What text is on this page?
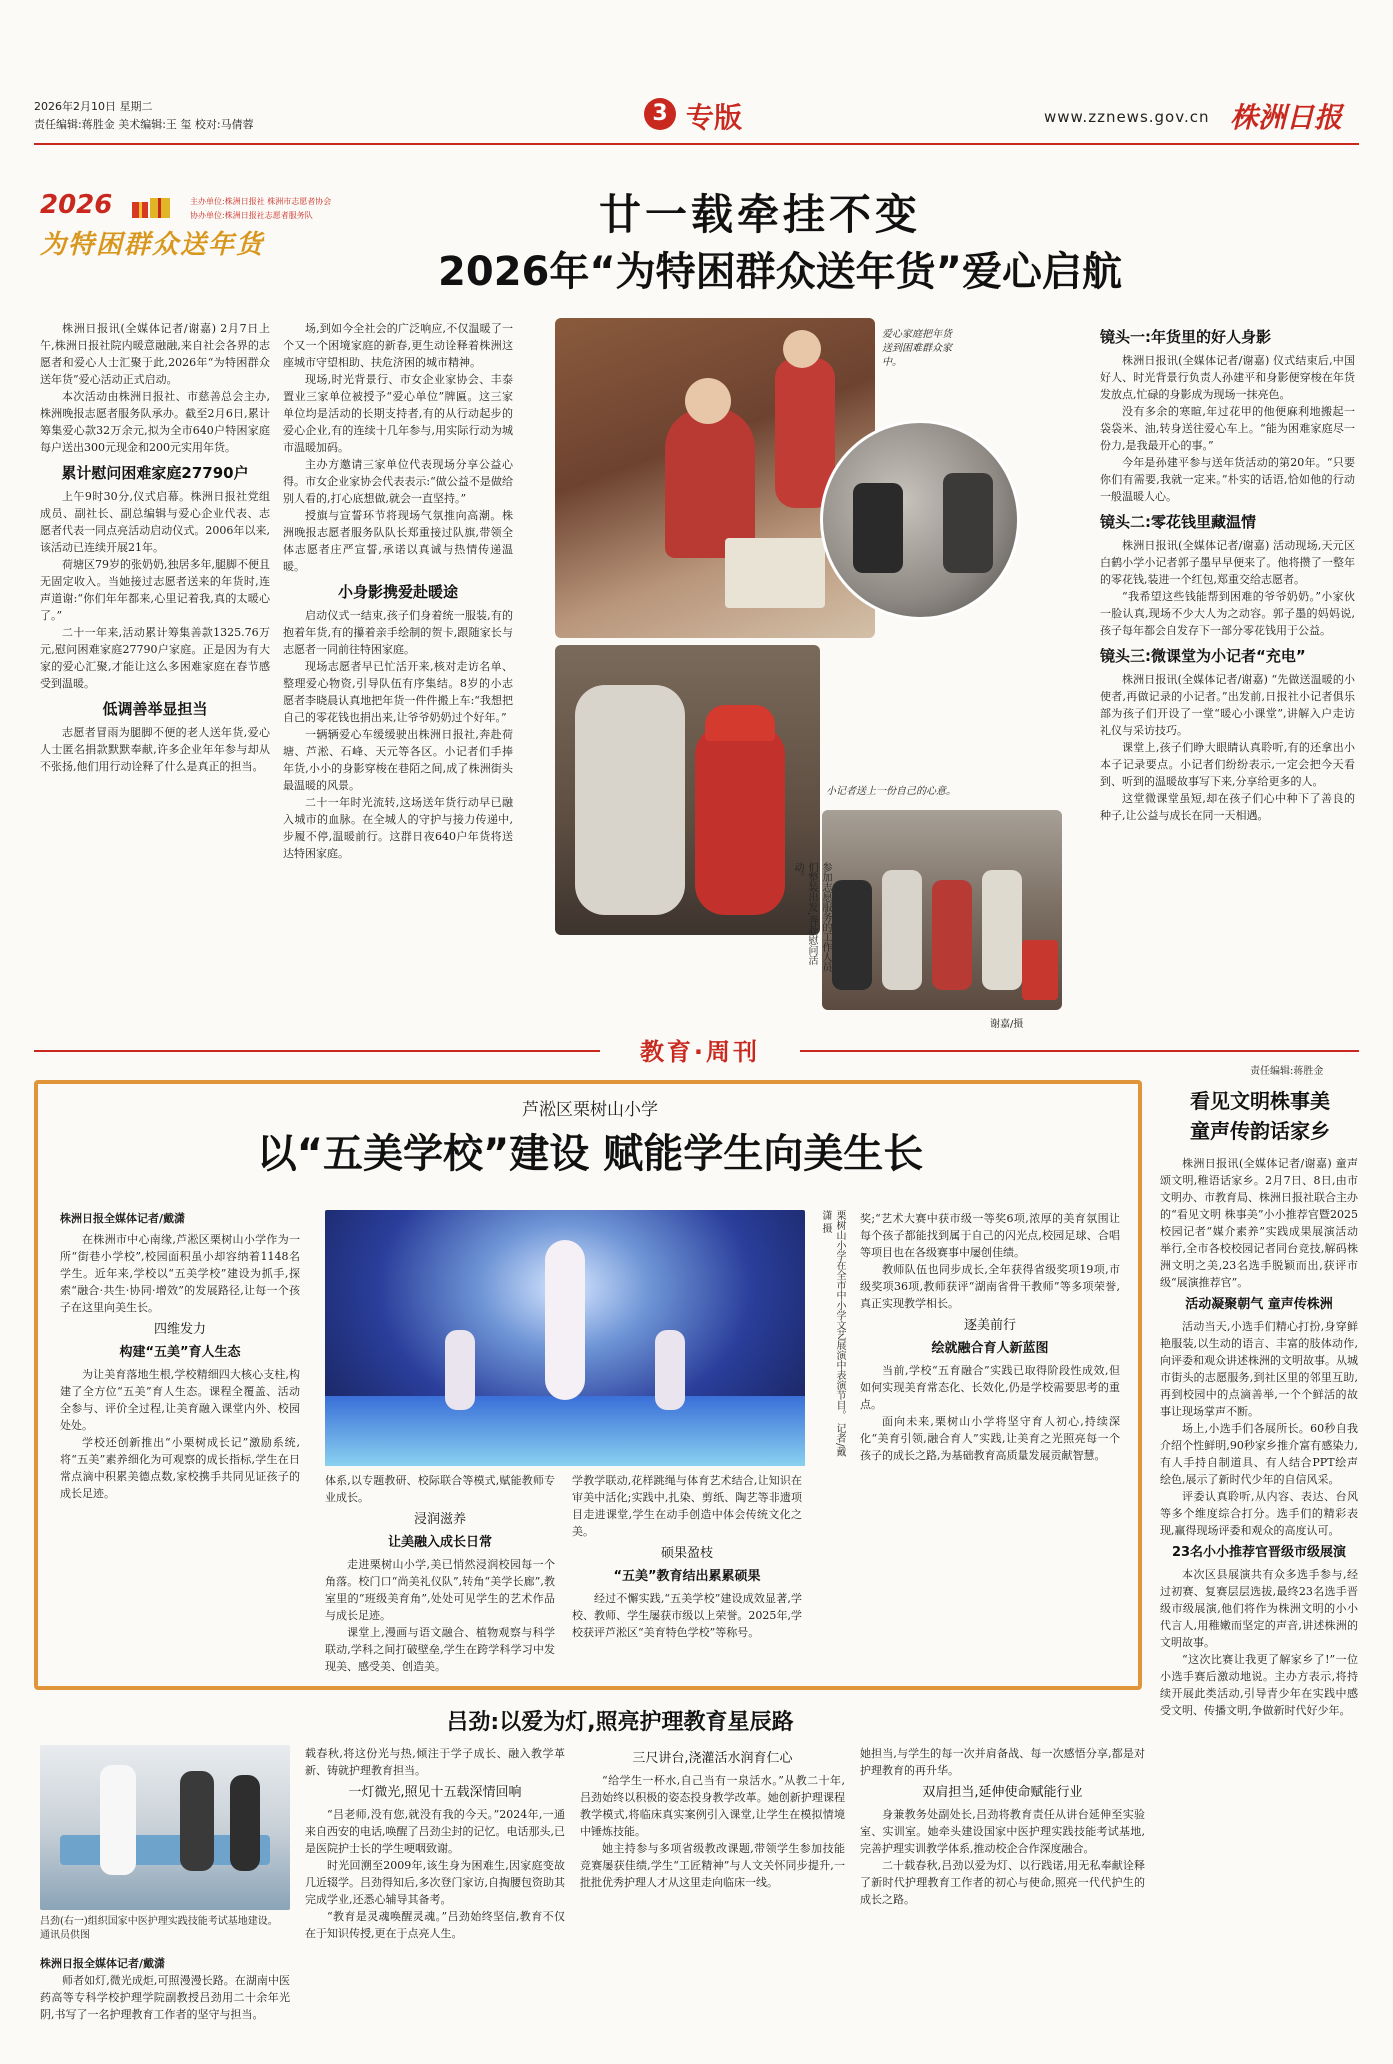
2026年2月10日 星期二
责任编辑:蒋胜金 美术编辑:王 玺 校对:马倩蓉	3 专版	www.zznews.gov.cn 株洲日报
2026	主办单位:株洲日报社 株洲市志愿者协会
协办单位:株洲日报社志愿者服务队
为特困群众送年货
廿一载牵挂不变
2026年“为特困群众送年货”爱心启航

株洲日报讯(全媒体记者/谢嘉) 2月7日上午,株洲日报社院内暖意融融,来自社会各界的志愿者和爱心人士汇聚于此,2026年“为特困群众送年货”爱心活动正式启动。

本次活动由株洲日报社、市慈善总会主办,株洲晚报志愿者服务队承办。截至2月6日,累计筹集爱心款32万余元,拟为全市640户特困家庭每户送出300元现金和200元实用年货。

累计慰问困难家庭27790户

上午9时30分,仪式启幕。株洲日报社党组成员、副社长、副总编辑与爱心企业代表、志愿者代表一同点亮活动启动仪式。2006年以来,该活动已连续开展21年。

荷塘区79岁的张奶奶,独居多年,腿脚不便且无固定收入。当她接过志愿者送来的年货时,连声道谢:“你们年年都来,心里记着我,真的太暖心了。”

二十一年来,活动累计筹集善款1325.76万元,慰问困难家庭27790户家庭。正是因为有大家的爱心汇聚,才能让这么多困难家庭在春节感受到温暖。

低调善举显担当

志愿者冒雨为腿脚不便的老人送年货,爱心人士匿名捐款默默奉献,许多企业年年参与却从不张扬,他们用行动诠释了什么是真正的担当。

场,到如今全社会的广泛响应,不仅温暖了一个又一个困境家庭的新春,更生动诠释着株洲这座城市守望相助、扶危济困的城市精神。

现场,时光背景行、市女企业家协会、丰泰置业三家单位被授予“爱心单位”牌匾。这三家单位均是活动的长期支持者,有的从行动起步的爱心企业,有的连续十几年参与,用实际行动为城市温暖加码。

主办方邀请三家单位代表现场分享公益心得。市女企业家协会代表表示:“做公益不是做给别人看的,打心底想做,就会一直坚持。”

授旗与宣誓环节将现场气氛推向高潮。株洲晚报志愿者服务队队长郑重接过队旗,带领全体志愿者庄严宣誓,承诺以真诚与热情传递温暖。

小身影携爱赴暖途

启动仪式一结束,孩子们身着统一服装,有的抱着年货,有的攥着亲手绘制的贺卡,跟随家长与志愿者一同前往特困家庭。

现场志愿者早已忙活开来,核对走访名单、整理爱心物资,引导队伍有序集结。8岁的小志愿者李晓晨认真地把年货一件件搬上车:“我想把自己的零花钱也捐出来,让爷爷奶奶过个好年。”

一辆辆爱心车缓缓驶出株洲日报社,奔赴荷塘、芦淞、石峰、天元等各区。小记者们手捧年货,小小的身影穿梭在巷陌之间,成了株洲街头最温暖的风景。

二十一年时光流转,这场送年货行动早已融入城市的血脉。在全城人的守护与接力传递中,步履不停,温暖前行。这群日夜640户年货将送达特困家庭。

爱心家庭把年货送到困难群众家中。
小记者送上一份自己的心意。
参加志愿服务的工作人员们整装出发,奔赴慰问活动。
谢嘉/摄
镜头一:年货里的好人身影

株洲日报讯(全媒体记者/谢嘉) 仪式结束后,中国好人、时光背景行负责人孙建平和身影便穿梭在年货发放点,忙碌的身影成为现场一抹亮色。

没有多余的寒暄,年过花甲的他便麻利地搬起一袋袋米、油,转身送往爱心车上。“能为困难家庭尽一份力,是我最开心的事。”

今年是孙建平参与送年货活动的第20年。“只要你们有需要,我就一定来。”朴实的话语,恰如他的行动一般温暖人心。

镜头二:零花钱里藏温情

株洲日报讯(全媒体记者/谢嘉) 活动现场,天元区白鹤小学小记者郭子墨早早便来了。他将攒了一整年的零花钱,装进一个红包,郑重交给志愿者。

“我希望这些钱能帮到困难的爷爷奶奶。”小家伙一脸认真,现场不少大人为之动容。郭子墨的妈妈说,孩子每年都会自发存下一部分零花钱用于公益。

镜头三:微课堂为小记者“充电”

株洲日报讯(全媒体记者/谢嘉) “先做送温暖的小使者,再做记录的小记者。”出发前,日报社小记者俱乐部为孩子们开设了一堂“暖心小课堂”,讲解入户走访礼仪与采访技巧。

课堂上,孩子们睁大眼睛认真聆听,有的还拿出小本子记录要点。小记者们纷纷表示,一定会把今天看到、听到的温暖故事写下来,分享给更多的人。

这堂微课堂虽短,却在孩子们心中种下了善良的种子,让公益与成长在同一天相遇。

教育·周刊
责任编辑:蒋胜金
芦淞区栗树山小学
以“五美学校”建设 赋能学生向美生长
株洲日报全媒体记者/戴潇

在株洲市中心南缘,芦淞区栗树山小学作为一所“街巷小学校”,校园面积虽小却容纳着1148名学生。近年来,学校以“五美学校”建设为抓手,探索“融合·共生·协同·增效”的发展路径,让每一个孩子在这里向美生长。

四维发力
构建“五美”育人生态

为让美育落地生根,学校精细四大核心支柱,构建了全方位“五美”育人生态。课程全覆盖、活动全参与、评价全过程,让美育融入课堂内外、校园处处。

学校还创新推出“小栗树成长记”激励系统,将“五美”素养细化为可观察的成长指标,学生在日常点滴中积累美德点数,家校携手共同见证孩子的成长足迹。

栗树山小学在全市中小学文艺展演中表演节目。 记者/戴潇 摄

体系,以专题教研、校际联合等模式,赋能教师专业成长。

浸润滋养
让美融入成长日常

走进栗树山小学,美已悄然浸润校园每一个角落。校门口“尚美礼仪队”,转角“美学长廊”,教室里的“班级美育角”,处处可见学生的艺术作品与成长足迹。

课堂上,漫画与语文融合、植物观察与科学联动,学科之间打破壁垒,学生在跨学科学习中发现美、感受美、创造美。

学教学联动,花样跳绳与体育艺术结合,让知识在审美中活化;实践中,扎染、剪纸、陶艺等非遗项目走进课堂,学生在动手创造中体会传统文化之美。

硕果盈枝
“五美”教育结出累累硕果

经过不懈实践,“五美学校”建设成效显著,学校、教师、学生屡获市级以上荣誉。2025年,学校获评芦淞区“美育特色学校”等称号。

奖;“艺术大赛中获市级一等奖6项,浓厚的美育氛围让每个孩子都能找到属于自己的闪光点,校园足球、合唱等项目也在各级赛事中屡创佳绩。

教师队伍也同步成长,全年获得省级奖项19项,市级奖项36项,教师获评“湖南省骨干教师”等多项荣誉,真正实现教学相长。

逐美前行
绘就融合育人新蓝图

当前,学校“五育融合”实践已取得阶段性成效,但如何实现美育常态化、长效化,仍是学校需要思考的重点。

面向未来,栗树山小学将坚守育人初心,持续深化“美育引领,融合育人”实践,让美育之光照亮每一个孩子的成长之路,为基础教育高质量发展贡献智慧。

看见文明株事美
童声传韵话家乡

株洲日报讯(全媒体记者/谢嘉) 童声颂文明,稚语话家乡。2月7日、8日,由市文明办、市教育局、株洲日报社联合主办的“看见文明 株事美”小小推荐官暨2025校园记者“媒介素养”实践成果展演活动举行,全市各校校园记者同台竞技,解码株洲文明之美,23名选手脱颖而出,获评市级“展演推荐官”。

活动凝聚朝气 童声传株洲

活动当天,小选手们精心打扮,身穿鲜艳服装,以生动的语言、丰富的肢体动作,向评委和观众讲述株洲的文明故事。从城市街头的志愿服务,到社区里的邻里互助,再到校园中的点滴善举,一个个鲜活的故事让现场掌声不断。

场上,小选手们各展所长。60秒自我介绍个性鲜明,90秒家乡推介富有感染力,有人手持自制道具、有人结合PPT绘声绘色,展示了新时代少年的自信风采。

评委认真聆听,从内容、表达、台风等多个维度综合打分。选手们的精彩表现,赢得现场评委和观众的高度认可。

23名小小推荐官晋级市级展演

本次区县展演共有众多选手参与,经过初赛、复赛层层选拔,最终23名选手晋级市级展演,他们将作为株洲文明的小小代言人,用稚嫩而坚定的声音,讲述株洲的文明故事。

“这次比赛让我更了解家乡了!”一位小选手赛后激动地说。主办方表示,将持续开展此类活动,引导青少年在实践中感受文明、传播文明,争做新时代好少年。

吕劲:以爱为灯,照亮护理教育星辰路
吕劲(右一)组织国家中医护理实践技能考试基地建设。 通讯员供图
株洲日报全媒体记者/戴潇

师者如灯,微光成炬,可照漫漫长路。在湖南中医药高等专科学校护理学院副教授吕劲用二十余年光阴,书写了一名护理教育工作者的坚守与担当。

载春秋,将这份光与热,倾注于学子成长、融入教学革新、铸就护理教育担当。

一灯微光,照见十五载深情回响

“吕老师,没有您,就没有我的今天。”2024年,一通来自西安的电话,唤醒了吕劲尘封的记忆。电话那头,已是医院护士长的学生哽咽致谢。

时光回溯至2009年,该生身为困难生,因家庭变故几近辍学。吕劲得知后,多次登门家访,自掏腰包资助其完成学业,还悉心辅导其备考。

“教育是灵魂唤醒灵魂。”吕劲始终坚信,教育不仅在于知识传授,更在于点亮人生。

三尺讲台,浇灌活水润育仁心

“给学生一杯水,自己当有一泉活水。”从教二十年,吕劲始终以积极的姿态投身教学改革。她创新护理课程教学模式,将临床真实案例引入课堂,让学生在模拟情境中锤炼技能。

她主持参与多项省级教改课题,带领学生参加技能竞赛屡获佳绩,学生“工匠精神”与人文关怀同步提升,一批批优秀护理人才从这里走向临床一线。

她担当,与学生的每一次并肩备战、每一次感悟分享,都是对护理教育的再升华。

双肩担当,延伸使命赋能行业

身兼教务处副处长,吕劲将教育责任从讲台延伸至实验室、实训室。她牵头建设国家中医护理实践技能考试基地,完善护理实训教学体系,推动校企合作深度融合。

二十载春秋,吕劲以爱为灯、以行践诺,用无私奉献诠释了新时代护理教育工作者的初心与使命,照亮一代代护生的成长之路。
